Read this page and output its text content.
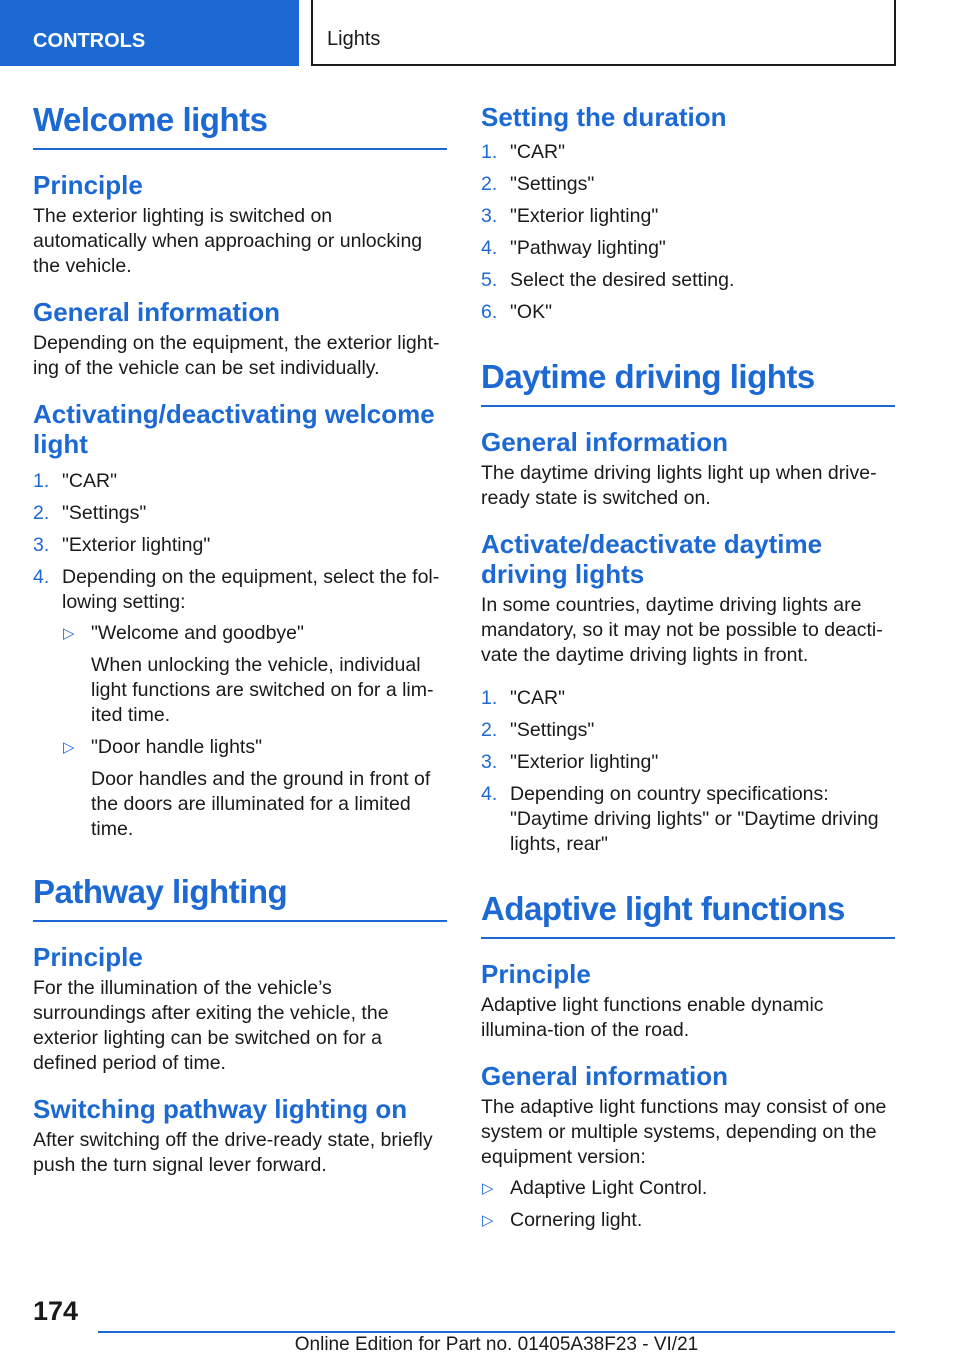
CONTROLS	Lights
Welcome lights
Principle
The exterior lighting is switched on automatically when approaching or unlocking the vehicle.
General information
Depending on the equipment, the exterior light‐ing of the vehicle can be set individually.
Activating/deactivating welcome light
1. "CAR"
2. "Settings"
3. "Exterior lighting"
4. Depending on the equipment, select the fol‐lowing setting:
▷ "Welcome and goodbye"
When unlocking the vehicle, individual light functions are switched on for a lim‐ited time.
▷ "Door handle lights"
Door handles and the ground in front of the doors are illuminated for a limited time.
Pathway lighting
Principle
For the illumination of the vehicle’s surroundings after exiting the vehicle, the exterior lighting can be switched on for a defined period of time.
Switching pathway lighting on
After switching off the drive-ready state, briefly push the turn signal lever forward.
Setting the duration
1. "CAR"
2. "Settings"
3. "Exterior lighting"
4. "Pathway lighting"
5. Select the desired setting.
6. "OK"
Daytime driving lights
General information
The daytime driving lights light up when drive-ready state is switched on.
Activate/deactivate daytime driving lights
In some countries, daytime driving lights are mandatory, so it may not be possible to deacti‐vate the daytime driving lights in front.
1. "CAR"
2. "Settings"
3. "Exterior lighting"
4. Depending on country specifications: "Daytime driving lights" or "Daytime driving lights, rear"
Adaptive light functions
Principle
Adaptive light functions enable dynamic illumina‐tion of the road.
General information
The adaptive light functions may consist of one system or multiple systems, depending on the equipment version:
▷ Adaptive Light Control.
▷ Cornering light.
174
Online Edition for Part no. 01405A38F23 - VI/21
